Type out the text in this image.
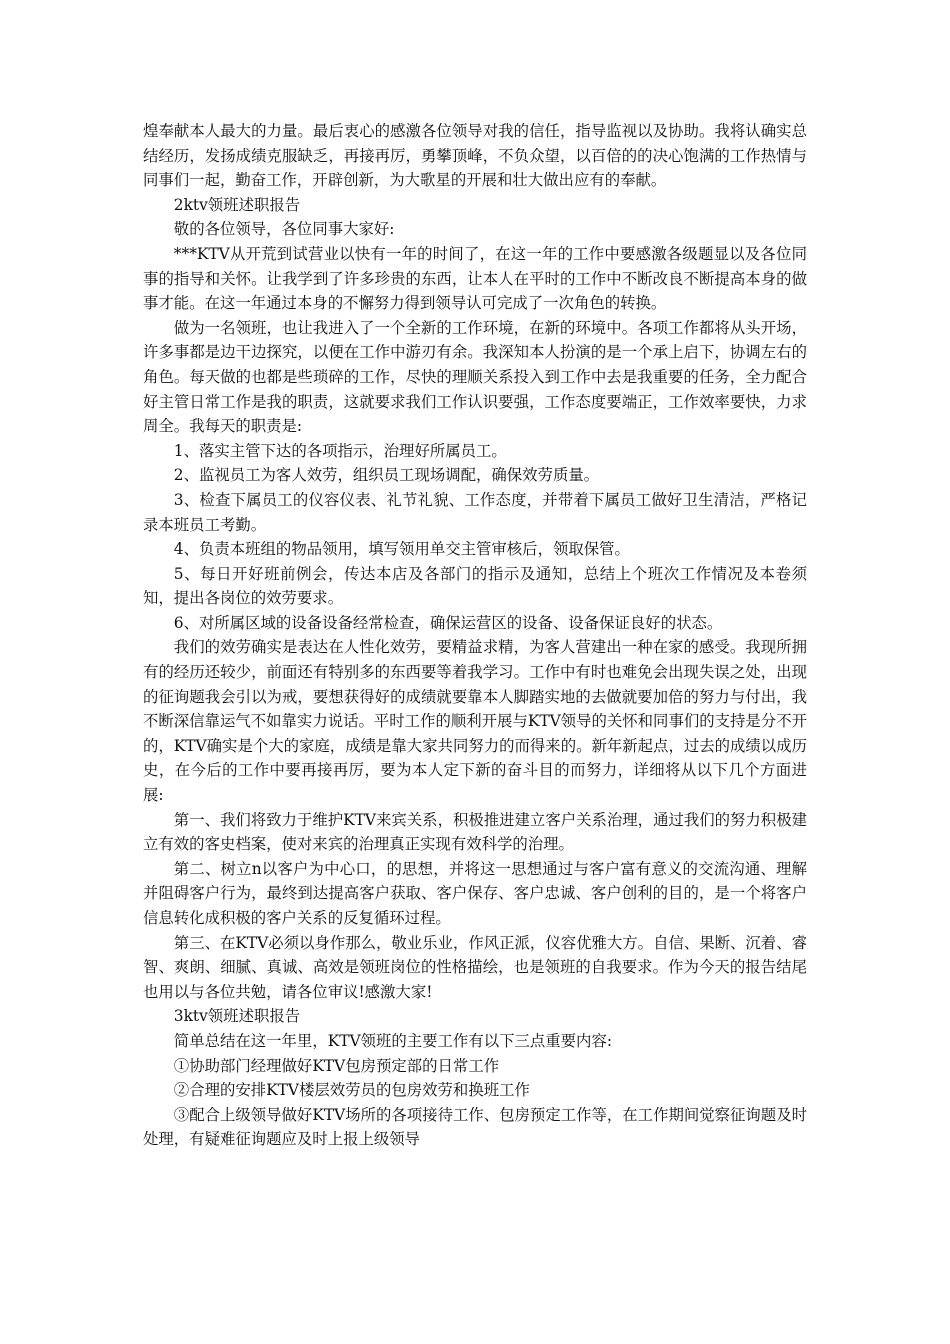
煌奉献本人最大的力量。最后衷心的感激各位领导对我的信任，指导监视以及协助。我将认确实总结经历，发扬成绩克服缺乏，再接再厉，勇攀顶峰，不负众望，以百倍的的决心饱满的工作热情与同事们一起，勤奋工作，开辟创新，为大歌星的开展和壮大做出应有的奉献。

2ktv领班述职报告

敬的各位领导，各位同事大家好:

***KTV从开荒到试营业以快有一年的时间了，在这一年的工作中要感激各级题显以及各位同事的指导和关怀。让我学到了许多珍贵的东西，让本人在平时的工作中不断改良不断提高本身的做事才能。在这一年通过本身的不懈努力得到领导认可完成了一次角色的转换。

做为一名领班，也让我进入了一个全新的工作环境，在新的环境中。各项工作都将从头开场，许多事都是边干边探究，以便在工作中游刃有余。我深知本人扮演的是一个承上启下，协调左右的角色。每天做的也都是些琐碎的工作，尽快的理顺关系投入到工作中去是我重要的任务，全力配合好主管日常工作是我的职责，这就要求我们工作认识要强，工作态度要端正，工作效率要快，力求周全。我每天的职责是:

1、落实主管下达的各项指示，治理好所属员工。

2、监视员工为客人效劳，组织员工现场调配，确保效劳质量。

3、检查下属员工的仪容仪表、礼节礼貌、工作态度，并带着下属员工做好卫生清洁，严格记录本班员工考勤。

4、负责本班组的物品领用，填写领用单交主管审核后，领取保管。

5、每日开好班前例会，传达本店及各部门的指示及通知，总结上个班次工作情况及本卷须知，提出各岗位的效劳要求。

6、对所属区域的设备设备经常检查，确保运营区的设备、设备保证良好的状态。

我们的效劳确实是表达在人性化效劳，要精益求精，为客人营建出一种在家的感受。我现所拥有的经历还较少，前面还有特别多的东西要等着我学习。工作中有时也难免会出现失误之处，出现的征询题我会引以为戒，要想获得好的成绩就要靠本人脚踏实地的去做就要加倍的努力与付出，我不断深信靠运气不如靠实力说话。平时工作的顺利开展与KTV领导的关怀和同事们的支持是分不开的，KTV确实是个大的家庭，成绩是靠大家共同努力的而得来的。新年新起点，过去的成绩以成历史，在今后的工作中要再接再厉，要为本人定下新的奋斗目的而努力，详细将从以下几个方面进展:

第一、我们将致力于维护KTV来宾关系，积极推进建立客户关系治理，通过我们的努力积极建立有效的客史档案，使对来宾的治理真正实现有效科学的治理。

第二、树立n以客户为中心口，的思想，并将这一思想通过与客户富有意义的交流沟通、理解并阻碍客户行为，最终到达提高客户获取、客户保存、客户忠诚、客户创利的目的，是一个将客户信息转化成积极的客户关系的反复循环过程。

第三、在KTV必须以身作那么，敬业乐业，作风正派，仪容优雅大方。自信、果断、沉着、睿智、爽朗、细腻、真诚、高效是领班岗位的性格描绘，也是领班的自我要求。作为今天的报告结尾也用以与各位共勉，请各位审议!感激大家!

3ktv领班述职报告

简单总结在这一年里，KTV领班的主要工作有以下三点重要内容:

①协助部门经理做好KTV包房预定部的日常工作

②合理的安排KTV楼层效劳员的包房效劳和换班工作

③配合上级领导做好KTV场所的各项接待工作、包房预定工作等，在工作期间觉察征询题及时处理，有疑难征询题应及时上报上级领导
